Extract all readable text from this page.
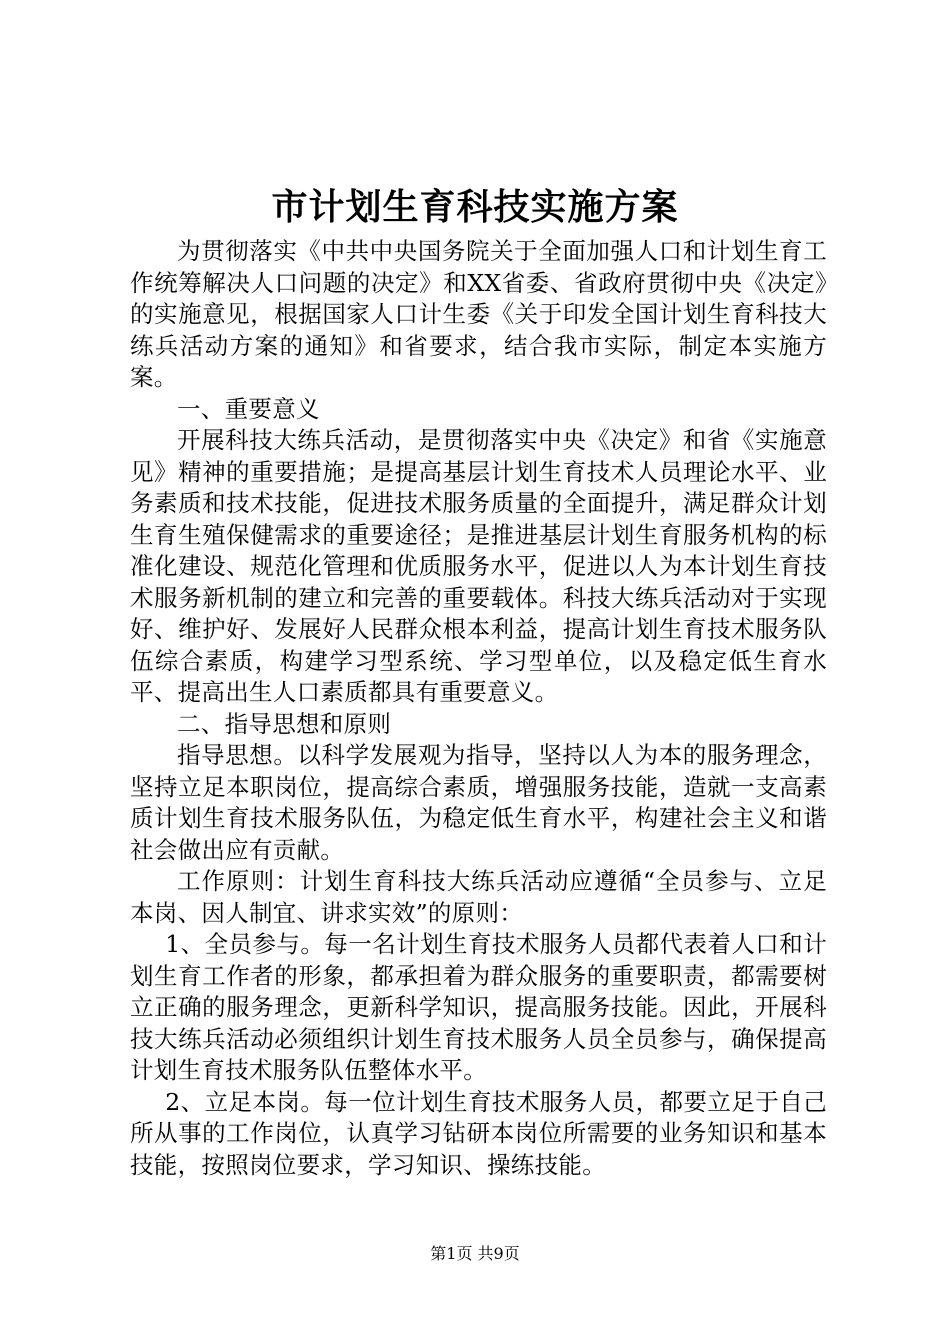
市计划生育科技实施方案

为贯彻落实《中共中央国务院关于全面加强人口和计划生育工作统筹解决人口问题的决定》和XX省委、省政府贯彻中央《决定》的实施意见，根据国家人口计生委《关于印发全国计划生育科技大练兵活动方案的通知》和省要求，结合我市实际，制定本实施方案。

一、重要意义

开展科技大练兵活动，是贯彻落实中央《决定》和省《实施意见》精神的重要措施；是提高基层计划生育技术人员理论水平、业务素质和技术技能，促进技术服务质量的全面提升，满足群众计划生育生殖保健需求的重要途径；是推进基层计划生育服务机构的标准化建设、规范化管理和优质服务水平，促进以人为本计划生育技术服务新机制的建立和完善的重要载体。科技大练兵活动对于实现好、维护好、发展好人民群众根本利益，提高计划生育技术服务队伍综合素质，构建学习型系统、学习型单位，以及稳定低生育水平、提高出生人口素质都具有重要意义。

二、指导思想和原则

指导思想。以科学发展观为指导，坚持以人为本的服务理念，坚持立足本职岗位，提高综合素质，增强服务技能，造就一支高素质计划生育技术服务队伍，为稳定低生育水平，构建社会主义和谐社会做出应有贡献。

工作原则：计划生育科技大练兵活动应遵循“全员参与、立足本岗、因人制宜、讲求实效”的原则：

1、全员参与。每一名计划生育技术服务人员都代表着人口和计划生育工作者的形象，都承担着为群众服务的重要职责，都需要树立正确的服务理念，更新科学知识，提高服务技能。因此，开展科技大练兵活动必须组织计划生育技术服务人员全员参与，确保提高计划生育技术服务队伍整体水平。

2、立足本岗。每一位计划生育技术服务人员，都要立足于自己所从事的工作岗位，认真学习钻研本岗位所需要的业务知识和基本技能，按照岗位要求，学习知识、操练技能。

第1页 共9页
